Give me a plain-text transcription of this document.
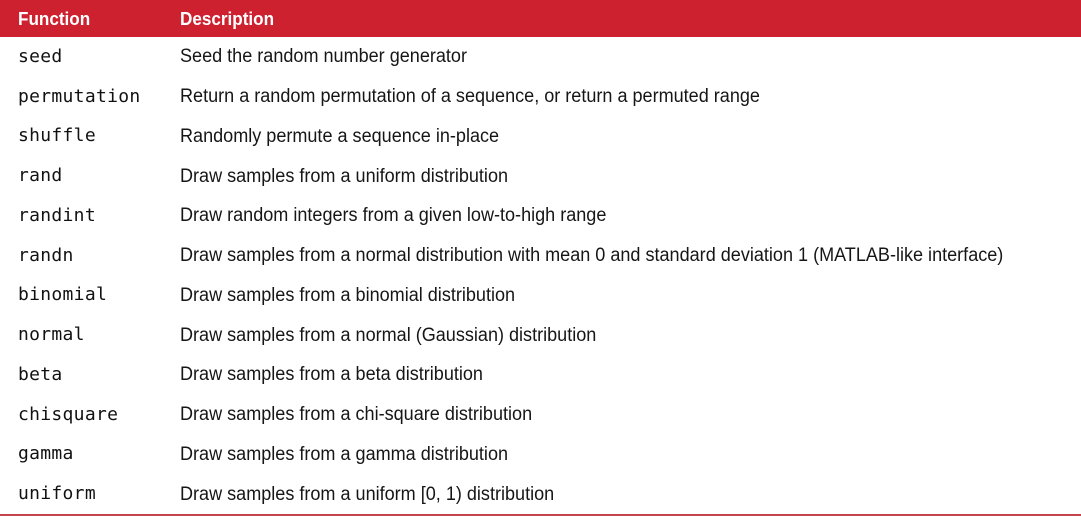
Function	Description
seed	Seed the random number generator
permutation	Return a random permutation of a sequence, or return a permuted range
shuffle	Randomly permute a sequence in-place
rand	Draw samples from a uniform distribution
randint	Draw random integers from a given low-to-high range
randn	Draw samples from a normal distribution with mean 0 and standard deviation 1 (MATLAB-like interface)
binomial	Draw samples from a binomial distribution
normal	Draw samples from a normal (Gaussian) distribution
beta	Draw samples from a beta distribution
chisquare	Draw samples from a chi-square distribution
gamma	Draw samples from a gamma distribution
uniform	Draw samples from a uniform [0, 1) distribution
